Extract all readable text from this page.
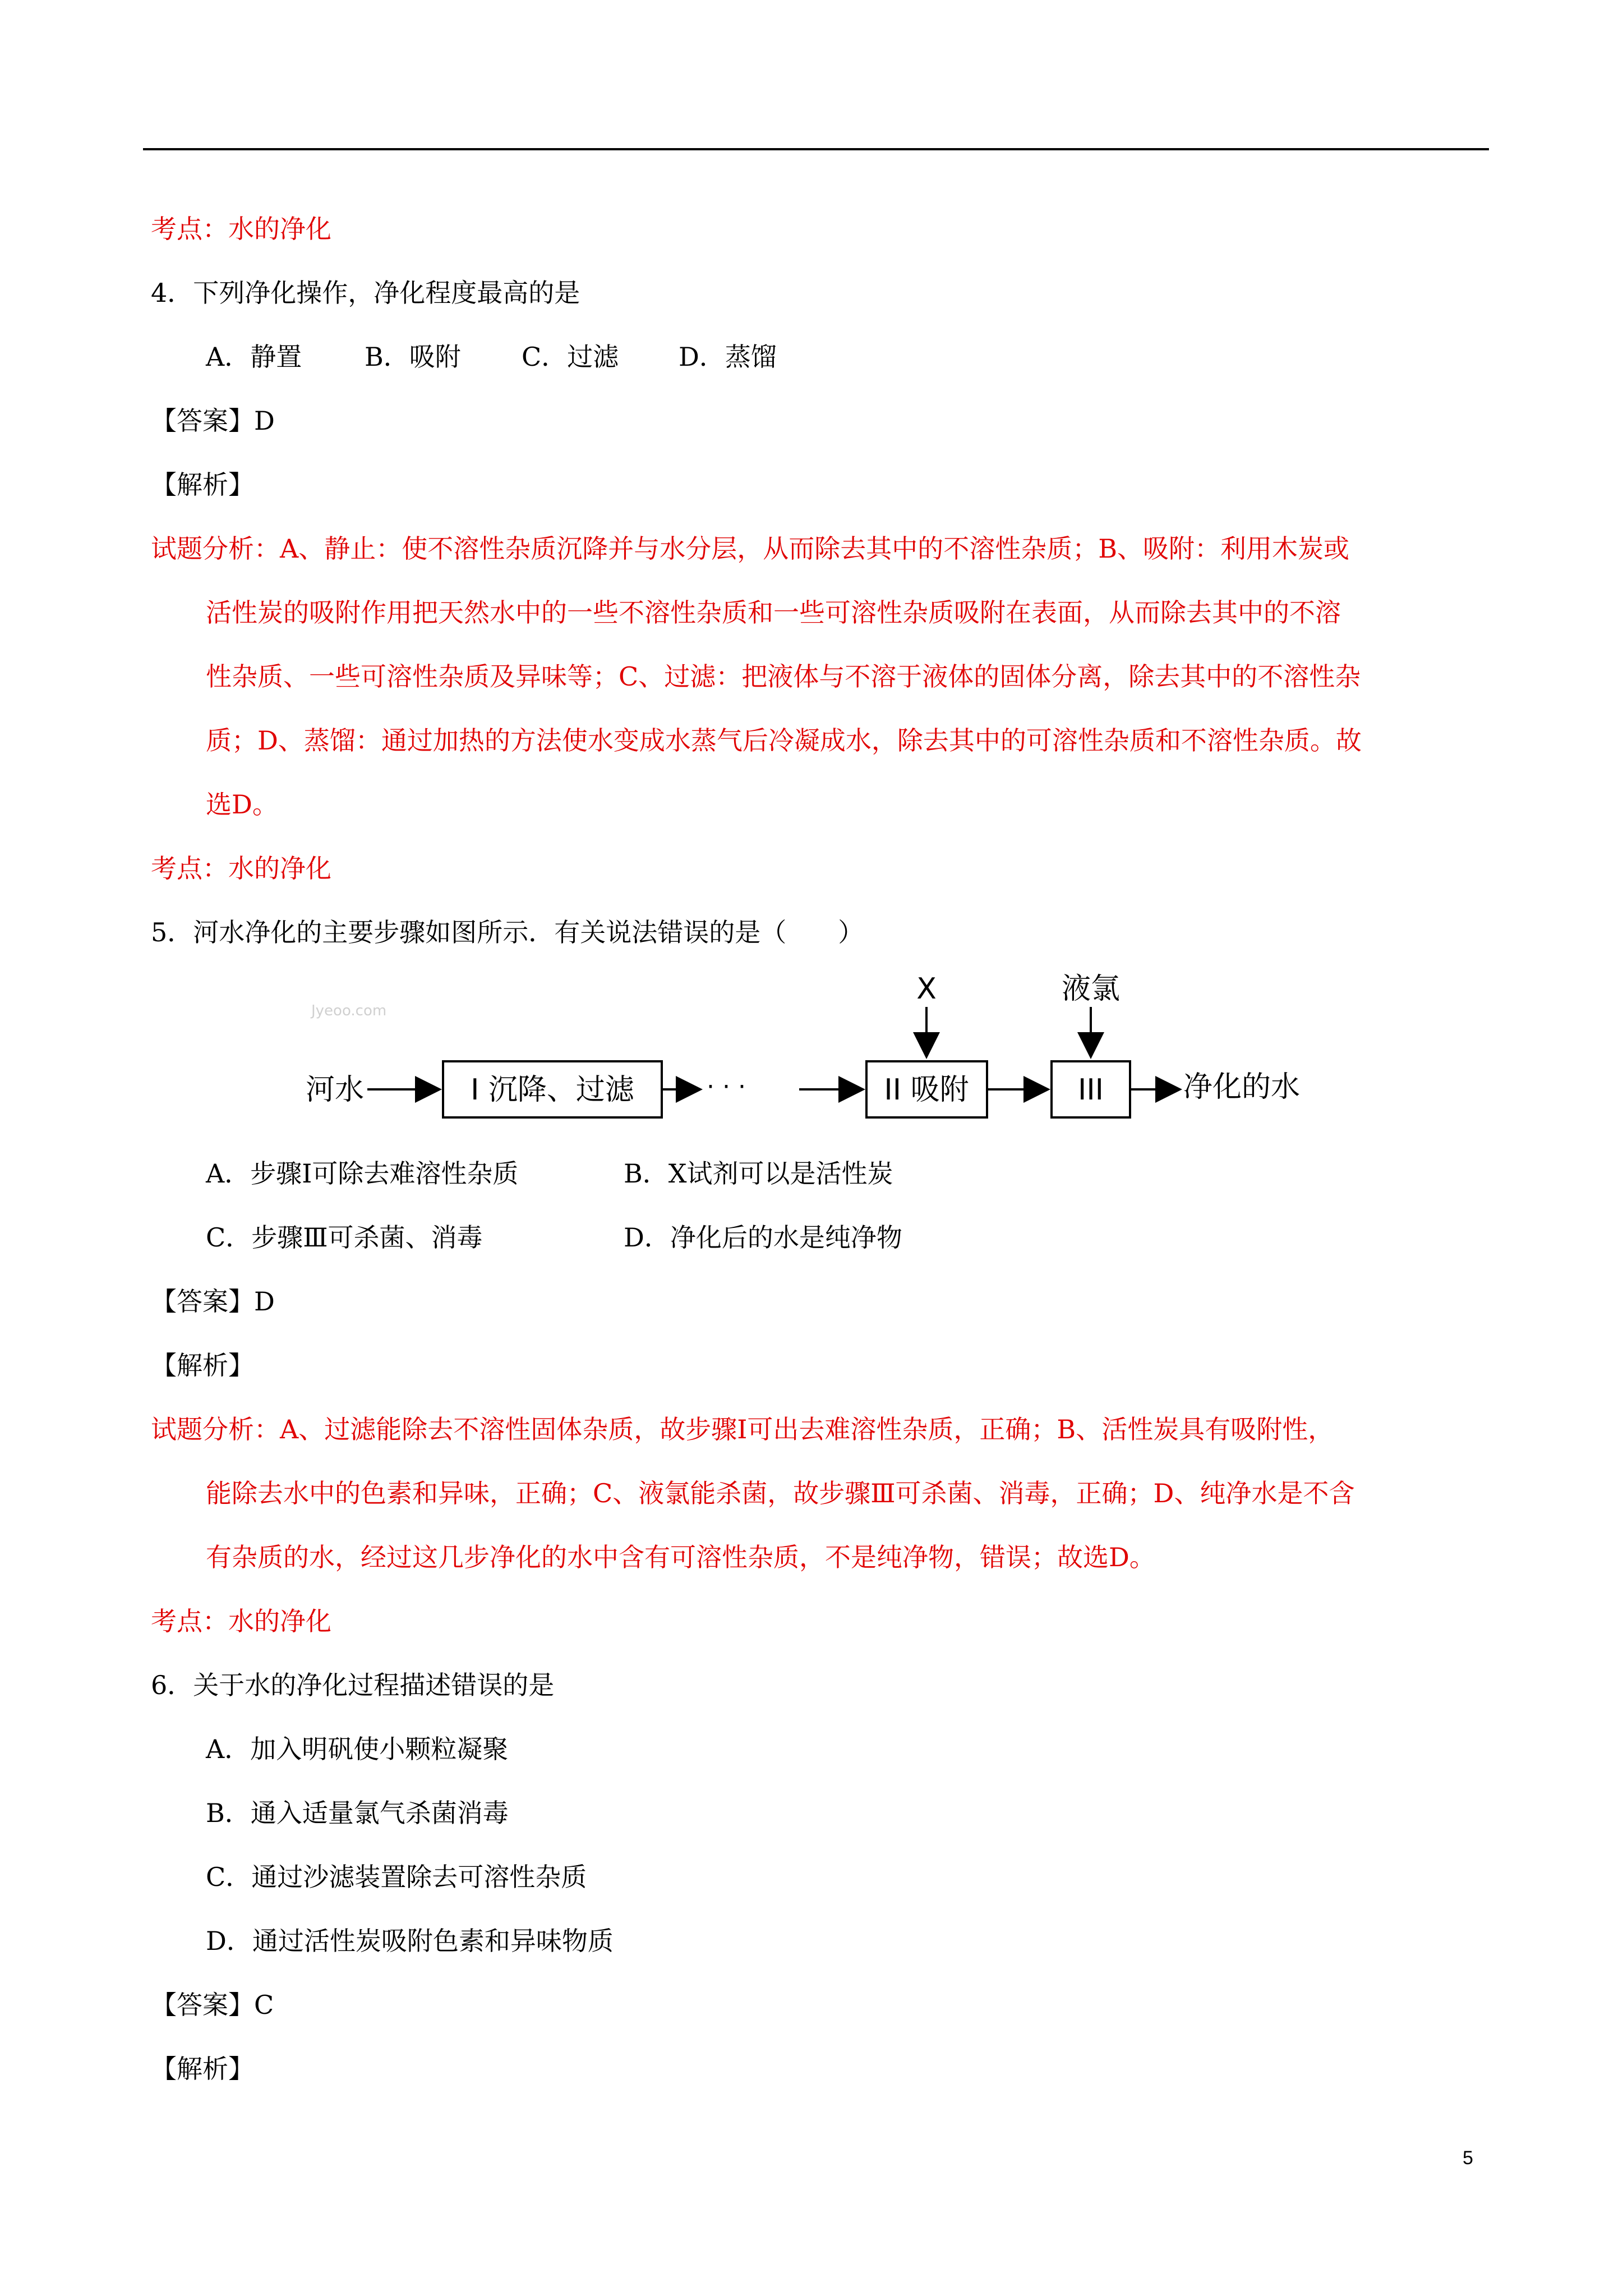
考点：水的净化
4．下列净化操作，净化程度最高的是
A．静置 B．吸附 C．过滤 D．蒸馏
【答案】D
【解析】
试题分析：A、静止：使不溶性杂质沉降并与水分层，从而除去其中的不溶性杂质；B、吸附：利用木炭或
活性炭的吸附作用把天然水中的一些不溶性杂质和一些可溶性杂质吸附在表面，从而除去其中的不溶
性杂质、一些可溶性杂质及异味等；C、过滤：把液体与不溶于液体的固体分离，除去其中的不溶性杂
质；D、蒸馏：通过加热的方法使水变成水蒸气后冷凝成水，除去其中的可溶性杂质和不溶性杂质。故
选D。
考点：水的净化
5．河水净化的主要步骤如图所示．有关说法错误的是（　　）
Jyeoo.com
河水	I 沉降、过滤	· · ·	II 吸附
X
III
液氯
净化的水
A．步骤Ⅰ可除去难溶性杂质	B．X试剂可以是活性炭
C．步骤Ⅲ可杀菌、消毒	D．净化后的水是纯净物
【答案】D
【解析】
试题分析：A、过滤能除去不溶性固体杂质，故步骤Ⅰ可出去难溶性杂质，正确；B、活性炭具有吸附性，
能除去水中的色素和异味，正确；C、液氯能杀菌，故步骤Ⅲ可杀菌、消毒，正确；D、纯净水是不含
有杂质的水，经过这几步净化的水中含有可溶性杂质，不是纯净物，错误；故选D。
考点：水的净化
6．关于水的净化过程描述错误的是
A．加入明矾使小颗粒凝聚
B．通入适量氯气杀菌消毒
C．通过沙滤装置除去可溶性杂质
D．通过活性炭吸附色素和异味物质
【答案】C
【解析】
5
